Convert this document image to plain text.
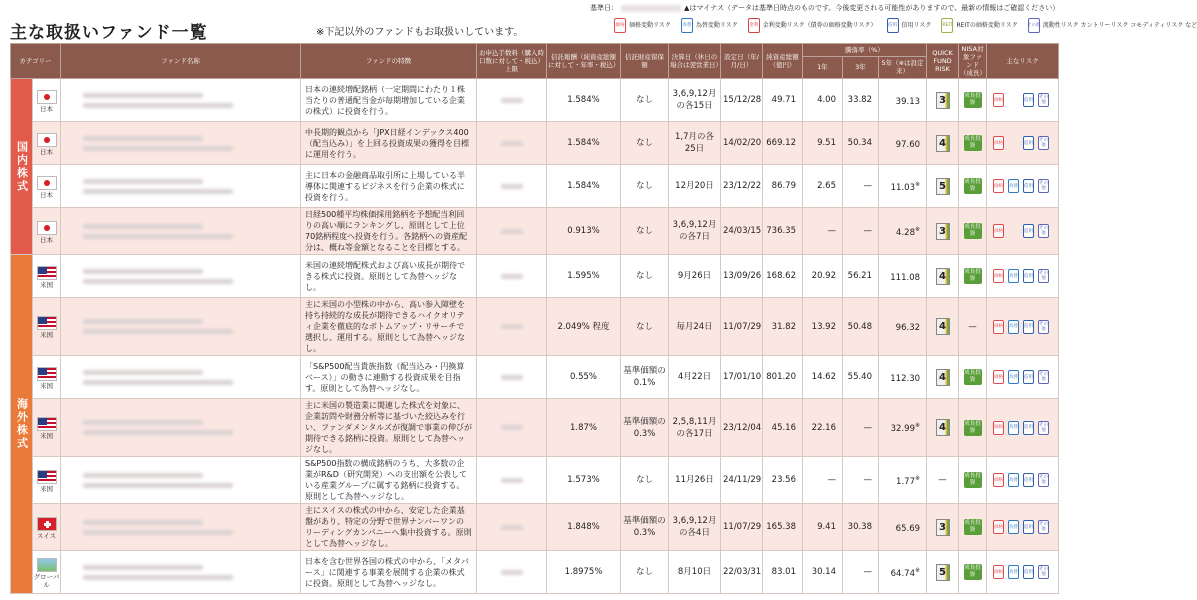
主な取扱いファンド一覧	※下記以外のファンドもお取扱いしています。
基準日：	▲はマイナス（データは基準日時点のものです。今後変更される可能性がありますので、最新の情報はご確認ください）
価格 価格変動リスク	為替 為替変動リスク	金利 金利変動リスク（債券の価格変動リスク）	信用 信用リスク REIT REITの価格変動リスク その他 流動性リスク カントリーリスク コモディティリスク など
カテゴリー		ファンド名称	ファンドの特徴	お申込手数料（購入時口数に対して・税込）上限	信託報酬（純資産総額に対して・年率・税込）	信託財産留保額	決算日（休日の場合は翌営業日）	設定日（年/月/日）	純資産総額（億円）	騰落率（%）			QUICK FUND RISK	NISA対象ファンド（成長）	主なリスク
										1年	3年	5年（※は設定来）			

国内株式	日本		日本の連続増配銘柄（一定期間にわたり１株当たりの普通配当金が毎期増加している企業の株式）に投資を行う。		1.584%	なし	3,6,9,12月の各15日	15/12/28	49.71	4.00	33.82	39.13	3	成長投資	価格 信用 その他

	日本		中長期的観点から「JPX日経インデックス400（配当込み）」を上回る投資成果の獲得を目標に運用を行う。		1.584%	なし	1,7月の各25日	14/02/20	669.12	9.51	50.34	97.60	4	成長投資	価格 信用 その他

	日本		主に日本の金融商品取引所に上場している半導体に関連するビジネスを行う企業の株式に投資を行う。		1.584%	なし	12月20日	23/12/22	86.79	2.65	—	11.03※	5	成長投資	価格 為替 信用 その他

	日本		日経500種平均株価採用銘柄を予想配当利回りの高い順にランキングし、原則として上位70銘柄程度へ投資を行う。各銘柄への資産配分は、概ね等金額となることを目標とする。		0.913%	なし	3,6,9,12月の各7日	24/03/15	736.35	—	—	4.28※	3	成長投資	価格 信用 その他

海外株式	米国		米国の連続増配株式および高い成長が期待できる株式に投資。原則として為替ヘッジなし。		1.595%	なし	9月26日	13/09/26	168.62	20.92	56.21	111.08	4	成長投資	価格 為替 信用 その他

	米国		主に米国の小型株の中から、高い参入障壁を持ち持続的な成長が期待できるハイクオリティ企業を徹底的なボトムアップ・リサーチで選択し、運用する。原則として為替ヘッジなし。		2.049% 程度	なし	毎月24日	11/07/29	31.82	13.92	50.48	96.32	4	—	価格 為替 信用 その他

	米国		「S&P500配当貴族指数（配当込み・円換算ベース）」の動きに連動する投資成果を目指す。原則として為替ヘッジなし。		0.55%	基準価額の0.1%	4月22日	17/01/10	801.20	14.62	55.40	112.30	4	成長投資	価格 為替 信用 その他

	米国		主に米国の製造業に関連した株式を対象に、企業訪問や財務分析等に基づいた絞込みを行い、ファンダメンタルズが復調で事業の伸びが期待できる銘柄に投資。原則として為替ヘッジなし。		1.87%	基準価額の0.3%	2,5,8,11月の各17日	23/12/04	45.16	22.16	—	32.99※	4	成長投資	価格 為替 信用 その他

	米国		S&P500指数の構成銘柄のうち、大多数の企業がR&D（研究開発）への支出額を公表している産業グループに属する銘柄に投資する。原則として為替ヘッジなし。		1.573%	なし	11月26日	24/11/29	23.56	—	—	1.77※	—	成長投資	価格 為替 信用 その他

	スイス		主にスイスの株式の中から、安定した企業基盤があり、特定の分野で世界ナンバーワンのリーディングカンパニーへ集中投資する。原則として為替ヘッジなし。		1.848%	基準価額の0.3%	3,6,9,12月の各4日	11/07/29	165.38	9.41	30.38	65.69	3	成長投資	価格 為替 信用 その他

	グローバル		日本を含む世界各国の株式の中から、「メタバース」に関連する事業を展開する企業の株式に投資。原則として為替ヘッジなし。		1.8975%	なし	8月10日	22/03/31	83.01	30.14	—	64.74※	5	成長投資	価格 為替 信用 その他
